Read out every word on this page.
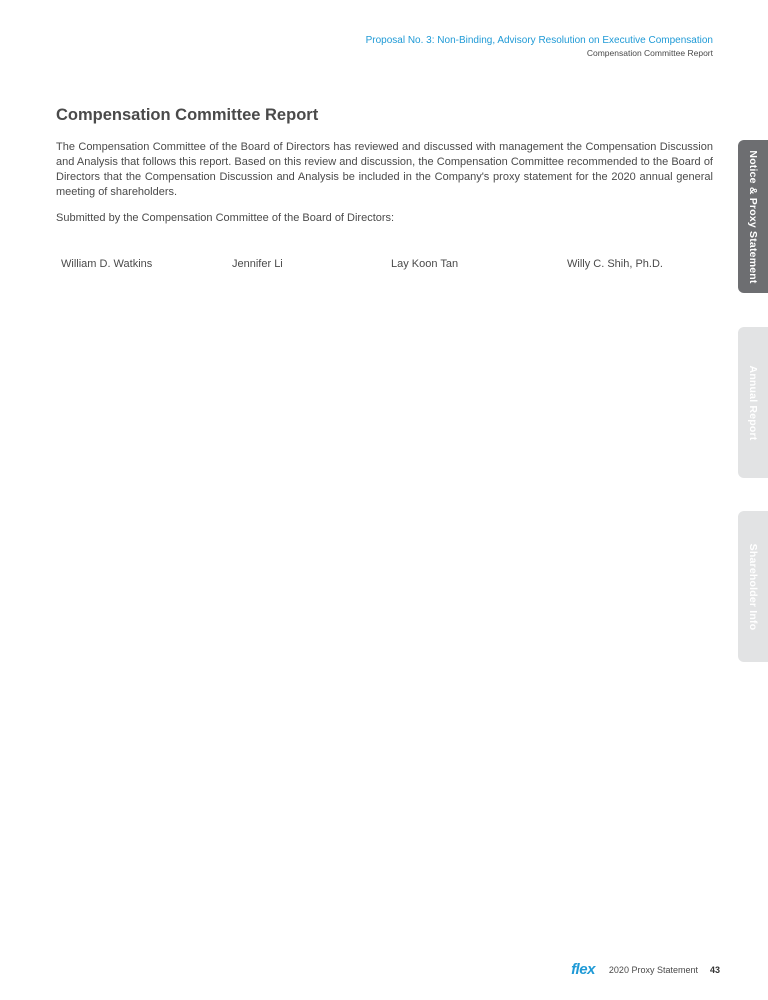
Proposal No. 3: Non-Binding, Advisory Resolution on Executive Compensation
Compensation Committee Report
Compensation Committee Report

The Compensation Committee of the Board of Directors has reviewed and discussed with management the Compensation Discussion and Analysis that follows this report. Based on this review and discussion, the Compensation Committee recommended to the Board of Directors that the Compensation Discussion and Analysis be included in the Company's proxy statement for the 2020 annual general meeting of shareholders.

Submitted by the Compensation Committee of the Board of Directors:

William D. Watkins	Jennifer Li	Lay Koon Tan	Willy C. Shih, Ph.D.	Notice & Proxy Statement
Annual Report
Shareholder Info
flex 2020 Proxy Statement 43
